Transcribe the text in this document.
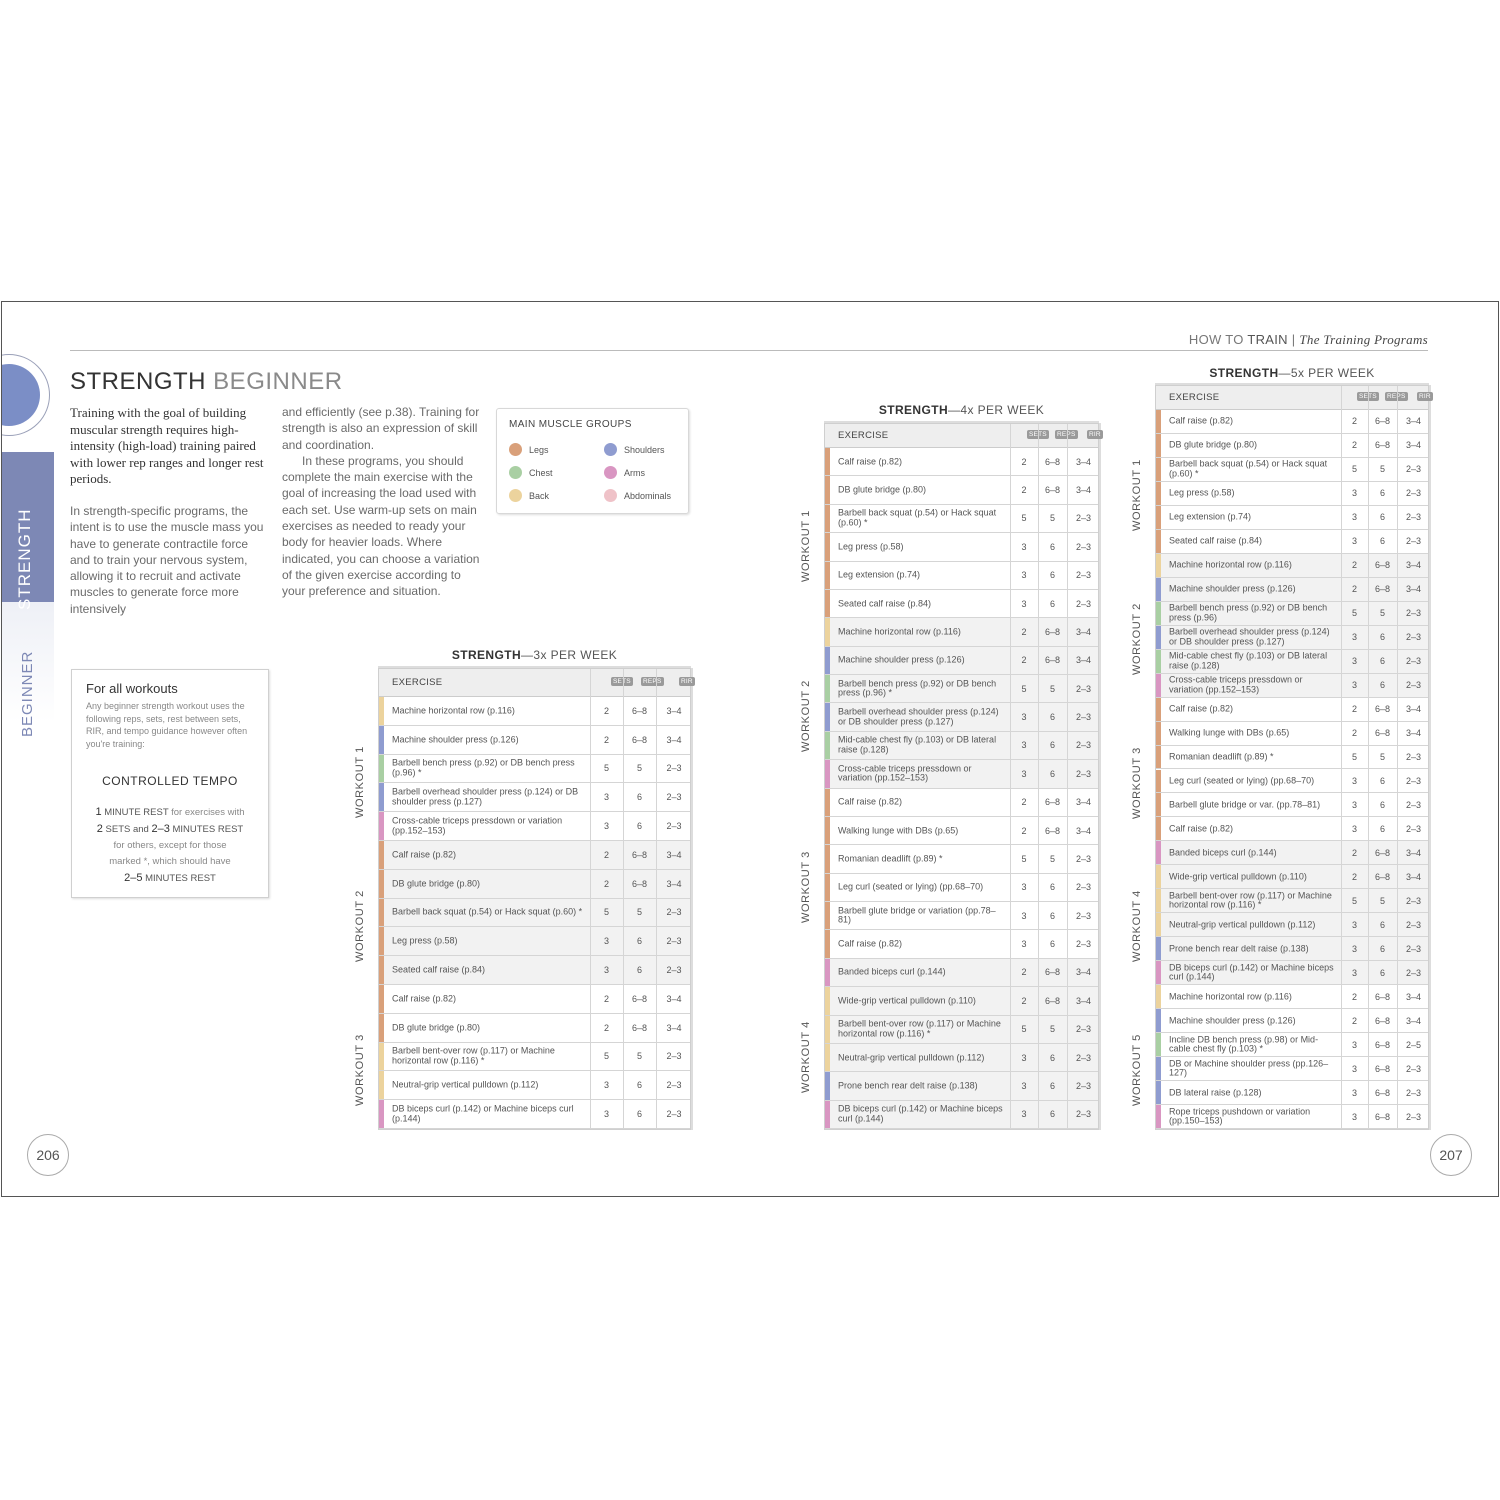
HOW TO TRAIN | The Training Programs
STRENGTH
BEGINNER
STRENGTH BEGINNER
Training with the goal of building muscular strength requires high-intensity (high-load) training paired with lower rep ranges and longer rest periods.
In strength-specific programs, the intent is to use the muscle mass you have to generate contractile force and to train your nervous system, allowing it to recruit and activate muscles to generate force more intensively
and efficiently (see p.38). Training for strength is also an expression of skill and coordination.
In these programs, you should complete the main exercise with the goal of increasing the load used with each set. Use warm-up sets on main exercises as needed to ready your body for heavier loads. Where indicated, you can choose a variation of the given exercise according to your preference and situation.
MAIN MUSCLE GROUPS
Legs
Chest
Back
Shoulders
Arms
Abdominals
For all workouts
Any beginner strength workout uses the following reps, sets, rest between sets, RIR, and tempo guidance however often you're training:
CONTROLLED TEMPO
1 MINUTE REST for exercises with
2 SETS and 2–3 MINUTES REST
for others, except for those
marked *, which should have
2–5 MINUTES REST
206	207
STRENGTH—3x PER WEEK
EXERCISE	SETS	REPS	RIR
Machine horizontal row (p.116)	2	6–8	3–4
Machine shoulder press (p.126)	2	6–8	3–4
Barbell bench press (p.92) or DB bench press (p.96) *	5	5	2–3
Barbell overhead shoulder press (p.124) or DB shoulder press (p.127)	3	6	2–3
Cross-cable triceps pressdown or variation (pp.152–153)	3	6	2–3
WORKOUT 1
Calf raise (p.82)	2	6–8	3–4
DB glute bridge (p.80)	2	6–8	3–4
Barbell back squat (p.54) or Hack squat (p.60) *	5	5	2–3
Leg press (p.58)	3	6	2–3
Seated calf raise (p.84)	3	6	2–3
WORKOUT 2
Calf raise (p.82)	2	6–8	3–4
DB glute bridge (p.80)	2	6–8	3–4
Barbell bent-over row (p.117) or Machine horizontal row (p.116) *	5	5	2–3
Neutral-grip vertical pulldown (p.112)	3	6	2–3
DB biceps curl (p.142) or Machine biceps curl (p.144)	3	6	2–3
WORKOUT 3
STRENGTH—4x PER WEEK
EXERCISE	SETS	REPS	RIR
Calf raise (p.82)	2	6–8	3–4
DB glute bridge (p.80)	2	6–8	3–4
Barbell back squat (p.54) or Hack squat (p.60) *	5	5	2–3
Leg press (p.58)	3	6	2–3
Leg extension (p.74)	3	6	2–3
Seated calf raise (p.84)	3	6	2–3
WORKOUT 1
Machine horizontal row (p.116)	2	6–8	3–4
Machine shoulder press (p.126)	2	6–8	3–4
Barbell bench press (p.92) or DB bench press (p.96) *	5	5	2–3
Barbell overhead shoulder press (p.124) or DB shoulder press (p.127)	3	6	2–3
Mid-cable chest fly (p.103) or DB lateral raise (p.128)	3	6	2–3
Cross-cable triceps pressdown or variation (pp.152–153)	3	6	2–3
WORKOUT 2
Calf raise (p.82)	2	6–8	3–4
Walking lunge with DBs (p.65)	2	6–8	3–4
Romanian deadlift (p.89) *	5	5	2–3
Leg curl (seated or lying) (pp.68–70)	3	6	2–3
Barbell glute bridge or variation (pp.78–81)	3	6	2–3
Calf raise (p.82)	3	6	2–3
WORKOUT 3
Banded biceps curl (p.144)	2	6–8	3–4
Wide-grip vertical pulldown (p.110)	2	6–8	3–4
Barbell bent-over row (p.117) or Machine horizontal row (p.116) *	5	5	2–3
Neutral-grip vertical pulldown (p.112)	3	6	2–3
Prone bench rear delt raise (p.138)	3	6	2–3
DB biceps curl (p.142) or Machine biceps curl (p.144)	3	6	2–3
WORKOUT 4
STRENGTH—5x PER WEEK
EXERCISE	SETS	REPS	RIR
Calf raise (p.82)	2	6–8	3–4
DB glute bridge (p.80)	2	6–8	3–4
Barbell back squat (p.54) or Hack squat (p.60) *	5	5	2–3
Leg press (p.58)	3	6	2–3
Leg extension (p.74)	3	6	2–3
Seated calf raise (p.84)	3	6	2–3
WORKOUT 1
Machine horizontal row (p.116)	2	6–8	3–4
Machine shoulder press (p.126)	2	6–8	3–4
Barbell bench press (p.92) or DB bench press (p.96)	5	5	2–3
Barbell overhead shoulder press (p.124) or DB shoulder press (p.127)	3	6	2–3
Mid-cable chest fly (p.103) or DB lateral raise (p.128)	3	6	2–3
Cross-cable triceps pressdown or variation (pp.152–153)	3	6	2–3
WORKOUT 2
Calf raise (p.82)	2	6–8	3–4
Walking lunge with DBs (p.65)	2	6–8	3–4
Romanian deadlift (p.89) *	5	5	2–3
Leg curl (seated or lying) (pp.68–70)	3	6	2–3
Barbell glute bridge or var. (pp.78–81)	3	6	2–3
Calf raise (p.82)	3	6	2–3
WORKOUT 3
Banded biceps curl (p.144)	2	6–8	3–4
Wide-grip vertical pulldown (p.110)	2	6–8	3–4
Barbell bent-over row (p.117) or Machine horizontal row (p.116) *	5	5	2–3
Neutral-grip vertical pulldown (p.112)	3	6	2–3
Prone bench rear delt raise (p.138)	3	6	2–3
DB biceps curl (p.142) or Machine biceps curl (p.144)	3	6	2–3
WORKOUT 4
Machine horizontal row (p.116)	2	6–8	3–4
Machine shoulder press (p.126)	2	6–8	3–4
Incline DB bench press (p.98) or Mid-cable chest fly (p.103) *	3	6–8	2–5
DB or Machine shoulder press (pp.126–127)	3	6–8	2–3
DB lateral raise (p.128)	3	6–8	2–3
Rope triceps pushdown or variation (pp.150–153)	3	6–8	2–3
WORKOUT 5
